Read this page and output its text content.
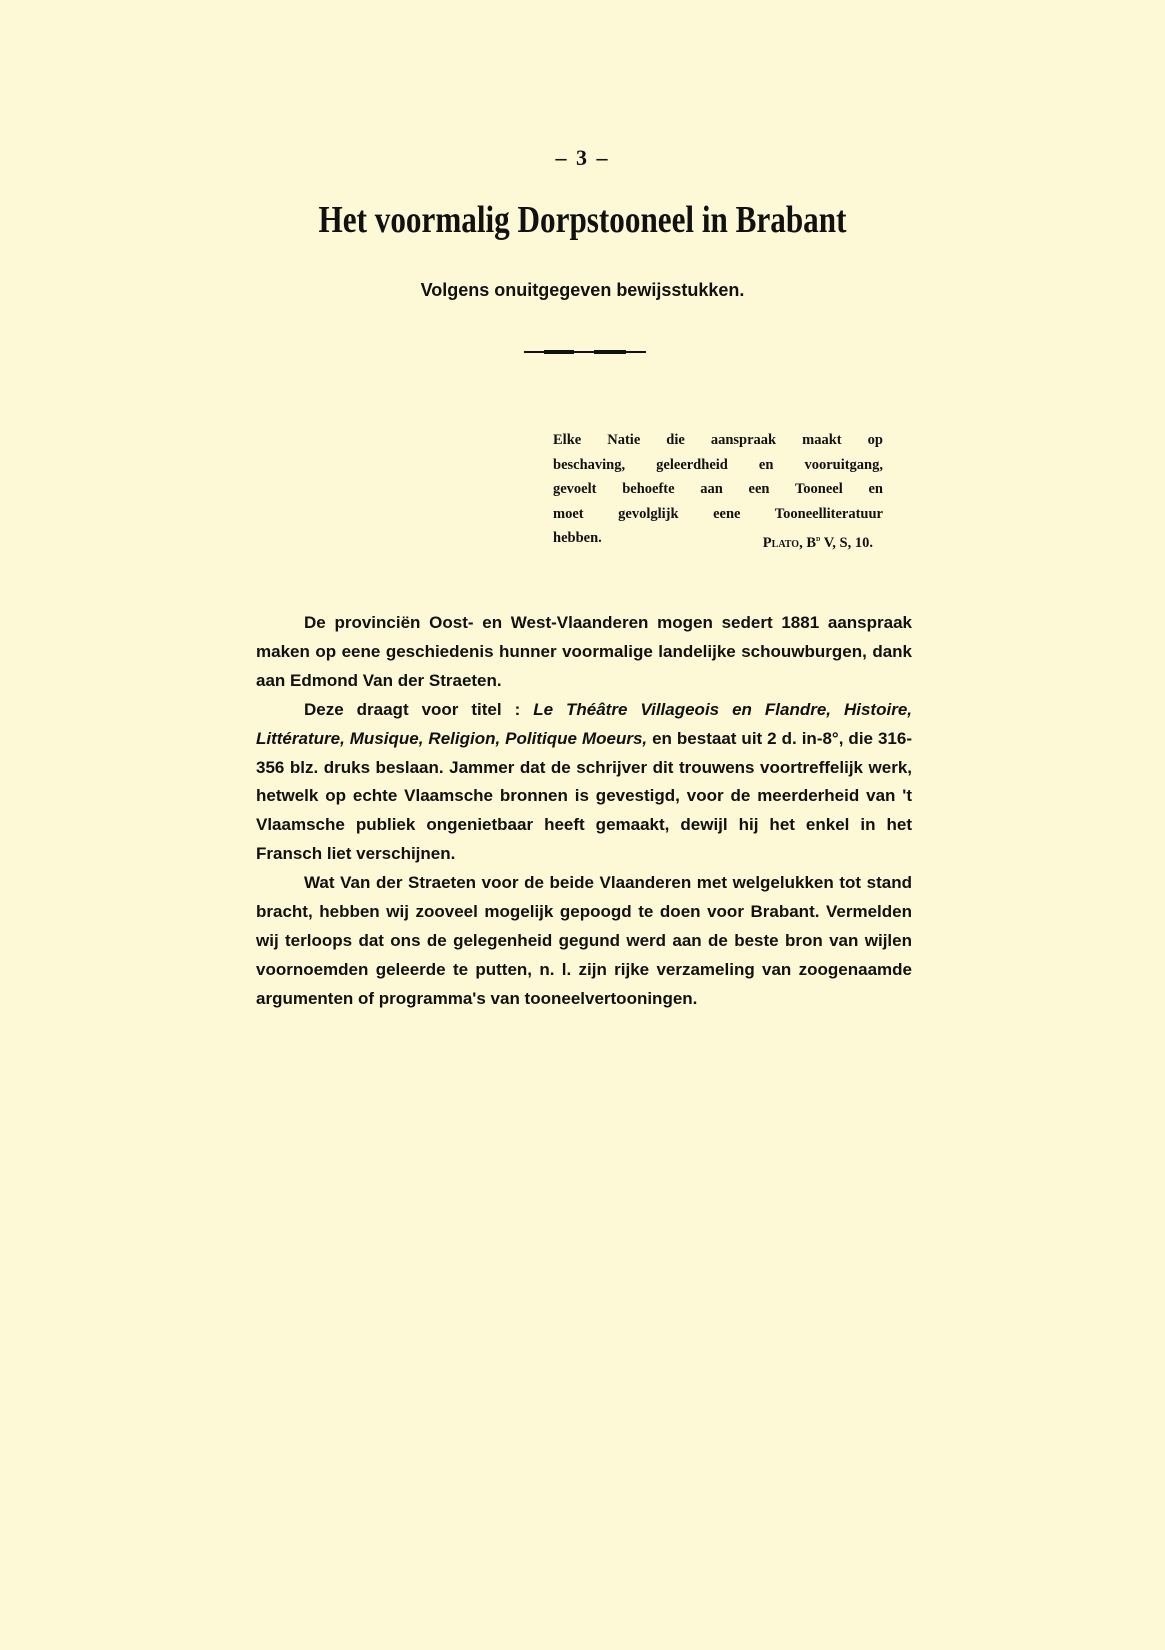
– 3 –
Het voormalig Dorpstooneel in Brabant
Volgens onuitgegeven bewijsstukken.
Elke Natie die aanspraak maakt op
beschaving, geleerdheid en vooruitgang,
gevoelt behoefte aan een Tooneel en
moet gevolglijk eene Tooneelliteratuur
hebben.	Plato, $B^d$ V, S, 10.

De provinciën Oost- en West-Vlaanderen mogen sedert 1881 aanspraak maken op eene geschiedenis hunner voormalige landelijke schouwburgen, dank aan Edmond Van der Straeten.

Deze draagt voor titel : Le Théâtre Villageois en Flandre, Histoire, Littérature, Musique, Religion, Politique Moeurs, en bestaat uit 2 d. in-8°, die 316-356 blz. druks beslaan. Jammer dat de schrijver dit trouwens voortreffelijk werk, hetwelk op echte Vlaamsche bronnen is gevestigd, voor de meerderheid van 't Vlaamsche publiek ongenietbaar heeft gemaakt, dewijl hij het enkel in het Fransch liet verschijnen.

Wat Van der Straeten voor de beide Vlaanderen met welgelukken tot stand bracht, hebben wij zooveel mogelijk gepoogd te doen voor Brabant. Vermelden wij terloops dat ons de gelegenheid gegund werd aan de beste bron van wijlen voornoemden geleerde te putten, n. l. zijn rijke verzameling van zoogenaamde argumenten of programma's van tooneelvertooningen.
